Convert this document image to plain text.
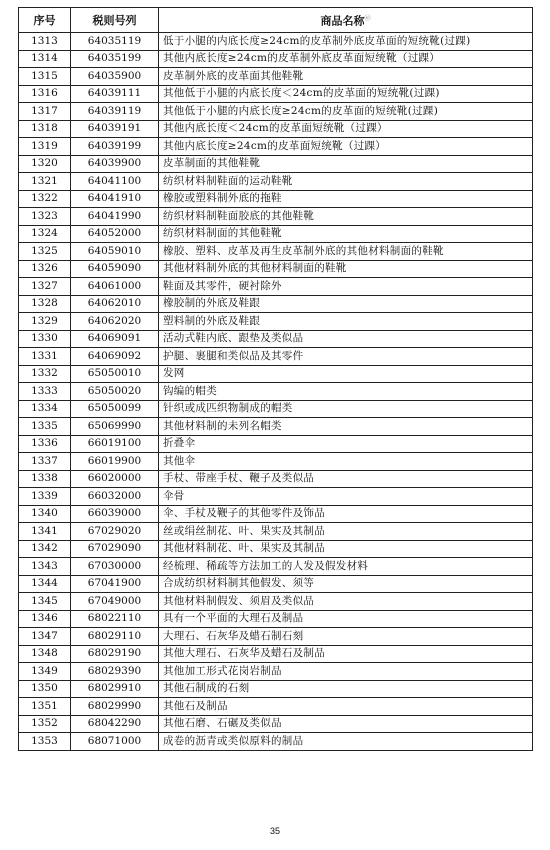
序号	税则号列	商品名称ⓔ
1313	64035119	低于小腿的内底长度≥24cm的皮革制外底皮革面的短统靴(过踝)
1314	64035199	其他内底长度≥24cm的皮革制外底皮革面短统靴（过踝）
1315	64035900	皮革制外底的皮革面其他鞋靴
1316	64039111	其他低于小腿的内底长度＜24cm的皮革面的短统靴(过踝)
1317	64039119	其他低于小腿的内底长度≥24cm的皮革面的短统靴(过踝)
1318	64039191	其他内底长度＜24cm的皮革面短统靴（过踝）
1319	64039199	其他内底长度≥24cm的皮革面短统靴（过踝）
1320	64039900	皮革制面的其他鞋靴
1321	64041100	纺织材料制鞋面的运动鞋靴
1322	64041910	橡胶或塑料制外底的拖鞋
1323	64041990	纺织材料制鞋面胶底的其他鞋靴
1324	64052000	纺织材料制面的其他鞋靴
1325	64059010	橡胶、塑料、皮革及再生皮革制外底的其他材料制面的鞋靴
1326	64059090	其他材料制外底的其他材料制面的鞋靴
1327	64061000	鞋面及其零件，硬衬除外
1328	64062010	橡胶制的外底及鞋跟
1329	64062020	塑料制的外底及鞋跟
1330	64069091	活动式鞋内底、跟垫及类似品
1331	64069092	护腿、裹腿和类似品及其零件
1332	65050010	发网
1333	65050020	钩编的帽类
1334	65050099	针织或成匹织物制成的帽类
1335	65069990	其他材料制的未列名帽类
1336	66019100	折叠伞
1337	66019900	其他伞
1338	66020000	手杖、带座手杖、鞭子及类似品
1339	66032000	伞骨
1340	66039000	伞、手杖及鞭子的其他零件及饰品
1341	67029020	丝或绢丝制花、叶、果实及其制品
1342	67029090	其他材料制花、叶、果实及其制品
1343	67030000	经梳理、稀疏等方法加工的人发及假发材料
1344	67041900	合成纺织材料制其他假发、须等
1345	67049000	其他材料制假发、须眉及类似品
1346	68022110	具有一个平面的大理石及制品
1347	68029110	大理石、石灰华及蜡石制石刻
1348	68029190	其他大理石、石灰华及蜡石及制品
1349	68029390	其他加工形式花岗岩制品
1350	68029910	其他石制成的石刻
1351	68029990	其他石及制品
1352	68042290	其他石磨、石碾及类似品
1353	68071000	成卷的沥青或类似原料的制品
35
